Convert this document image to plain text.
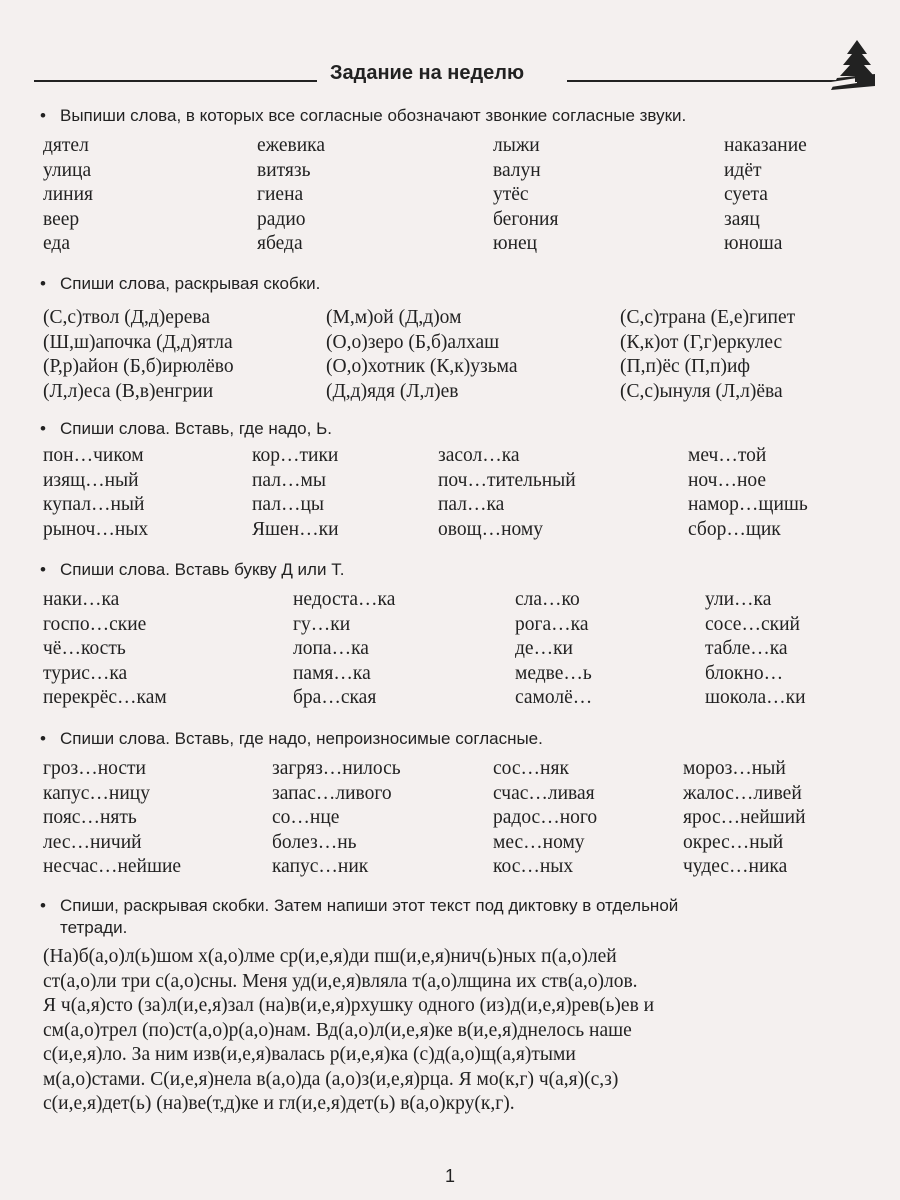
Задание на неделю
• Выпиши слова, в которых все согласные обозначают звонкие согласные звуки.
дятел	ежевика	лыжи	наказание
улица	витязь	валун	идёт
линия	гиена	утёс	суета
веер	радио	бегония	заяц
еда	ябеда	юнец	юноша
• Спиши слова, раскрывая скобки.
(С,с)твол (Д,д)ерева	(М,м)ой (Д,д)ом	(С,с)трана (Е,е)гипет
(Ш,ш)апочка (Д,д)ятла	(О,о)зеро (Б,б)алхаш	(К,к)от (Г,г)еркулес
(Р,р)айон (Б,б)ирюлёво	(О,о)хотник (К,к)узьма	(П,п)ёс (П,п)иф
(Л,л)еса (В,в)енгрии	(Д,д)ядя (Л,л)ев	(С,с)ынуля (Л,л)ёва
• Спиши слова. Вставь, где надо, Ь.
пон…чиком	кор…тики	засол…ка	меч…той
изящ…ный	пал…мы	поч…тительный	ноч…ное
купал…ный	пал…цы	пал…ка	намор…щишь
рыноч…ных	Яшен…ки	овощ…ному	сбор…щик
• Спиши слова. Вставь букву Д или Т.
наки…ка	недоста…ка	сла…ко	ули…ка
госпо…ские	гу…ки	рога…ка	сосе…ский
чё…кость	лопа…ка	де…ки	табле…ка
турис…ка	памя…ка	медве…ь	блокно…
перекрёс…кам	бра…ская	самолё…	шокола…ки
• Спиши слова. Вставь, где надо, непроизносимые согласные.
гроз…ности	загряз…нилось	сос…няк	мороз…ный
капус…ницу	запас…ливого	счас…ливая	жалос…ливей
пояс…нять	со…нце	радос…ного	ярос…нейший
лес…ничий	болез…нь	мес…ному	окрес…ный
несчас…нейшие	капус…ник	кос…ных	чудес…ника
• Спиши, раскрывая скобки. Затем напиши этот текст под диктовку в отдельной
тетради.
(На)б(а,о)л(ь)шом х(а,о)лме ср(и,е,я)ди пш(и,е,я)нич(ь)ных п(а,о)лей
ст(а,о)ли три с(а,о)сны. Меня уд(и,е,я)вляла т(а,о)лщина их ств(а,о)лов.
Я ч(а,я)сто (за)л(и,е,я)зал (на)в(и,е,я)рхушку одного (из)д(и,е,я)рев(ь)ев и
см(а,о)трел (по)ст(а,о)р(а,о)нам. Вд(а,о)л(и,е,я)ке в(и,е,я)днелось наше
с(и,е,я)ло. За ним изв(и,е,я)валась р(и,е,я)ка (с)д(а,о)щ(а,я)тыми
м(а,о)стами. С(и,е,я)нела в(а,о)да (а,о)з(и,е,я)рца. Я мо(к,г) ч(а,я)(с,з)
с(и,е,я)дет(ь) (на)ве(т,д)ке и гл(и,е,я)дет(ь) в(а,о)кру(к,г).
1
